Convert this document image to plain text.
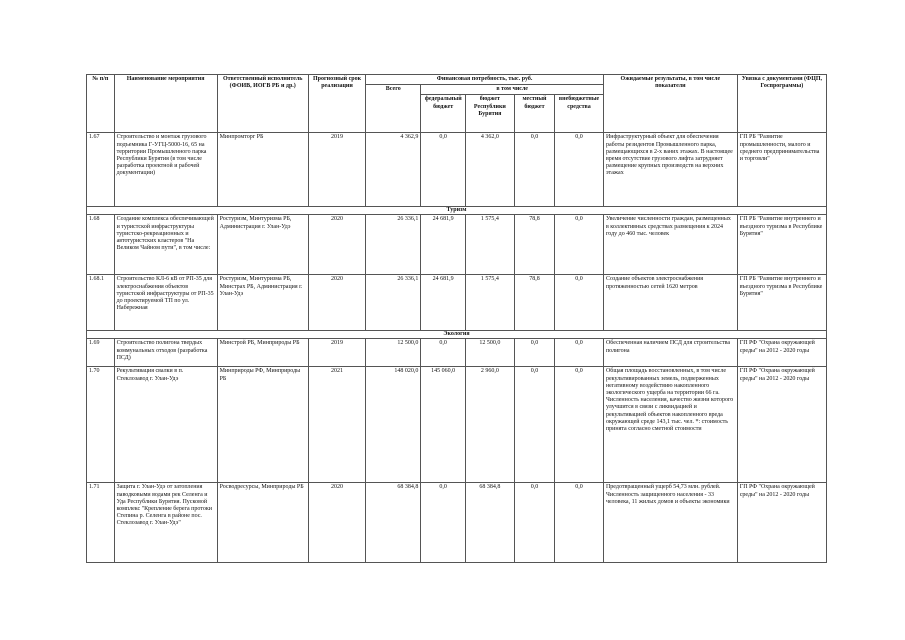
№ п/п	Наименование мероприятия	Ответственный исполнитель (ФОИВ, ИОГВ РБ и др.)	Прогнозный срок реализации	Финансовая потребность, тыс. руб.					Ожидаемые результаты, в том числе показатели	Увязка с документами (ФЦП, Госпрограммы)
				Всего	в том числе					
					федеральный бюджет	бюджет Республики Бурятия	местный бюджет	внебюджетные средства		
1.67	Строительство и монтаж грузового подъемника Г-УГЦ-5000-16, 65 на территории Промышленного парка Республики Бурятия (в том числе разработка проектной и рабочей документации)	Минпромторг РБ	2019	4 362,9	0,0	4 362,0	0,0	0,0	Инфраструктурный объект для обеспечения работы резидентов Промышленного парка, размещающихся в 2-х ваних этажах. В настоящее время отсутствие грузового лифта затрудняет размещение крупных производств на верхних этажах	ГП РБ "Развитие промышленности, малого и среднего предпринимательства и торговли"
Туризм										
1.68	Создание комплекса обеспечивающей и туристской инфраструктуры туристско-рекреационных и автотуристских кластеров "На Великом Чайном пути", в том числе:	Ростуризм, Минтуризма РБ, Администрация г. Улан-Удэ	2020	26 336,1	24 681,9	1 575,4	78,8	0,0	Увеличение численности граждан, размещенных в коллективных средствах размещения к 2024 году до 460 тыс. человек	ГП РБ "Развитие внутреннего и въездного туризма в Республике Бурятия"
1.68.1	Строительство КЛ-6 кВ от РП-35 для электроснабжения объектов туристской инфраструктуры от РП-35 до проектируемой ТП по ул. Набережная	Ростуризм, Минтуризма РБ, Минстрах РБ, Администрация г. Улан-Удэ	2020	26 336,1	24 681,9	1 575,4	78,8	0,0	Создание объектов электроснабжения протяженностью сетей 1620 метров	ГП РБ "Развитие внутреннего и въездного туризма в Республике Бурятия"
Экология										
1.69	Строительство полигона твердых коммунальных отходов (разработка ПСД)	Минстрой РБ, Минприроды РБ	2019	12 500,0	0,0	12 500,0	0,0	0,0	Обеспеченная наличием ПСД для строительства полигона	ГП РФ "Охрана окружающей среды" на 2012 - 2020 годы
1.70	Рекультивация свалки в п. Стеклозавод г. Улан-Удэ	Минприроды РФ, Минприроды РБ	2021	148 020,0	145 060,0	2 960,0	0,0	0,0	Общая площадь восстановленных, в том числе рекультивированных земель, подверженных негативному воздействию накопленного экологического ущерба на территории 66 га. Численность населения, качество жизни которого улучшится в связи с ликвидацией и рекультивацией объектов накопленного вреда окружающей среде 143,1 тыс. чел. *: стоимость принята согласно сметной стоимости	ГП РФ "Охрана окружающей среды" на 2012 - 2020 годы
1.71	Защита г. Улан-Удэ от затопления паводковыми водами рек Селенга и Уда Республики Бурятия. Пусковой комплекс "Крепление берега протоки Степина р. Селенга в районе пос. Стеклозавод г. Улан-Удэ"	Росводресурсы, Минприроды РБ	2020	68 384,8	0,0	68 384,8	0,0	0,0	Предотвращенный ущерб 54,73 млн. рублей. Численность защищенного населения - 33 человека, 11 жилых домов и объекты экономики	ГП РФ "Охрана окружающей среды" на 2012 - 2020 годы
